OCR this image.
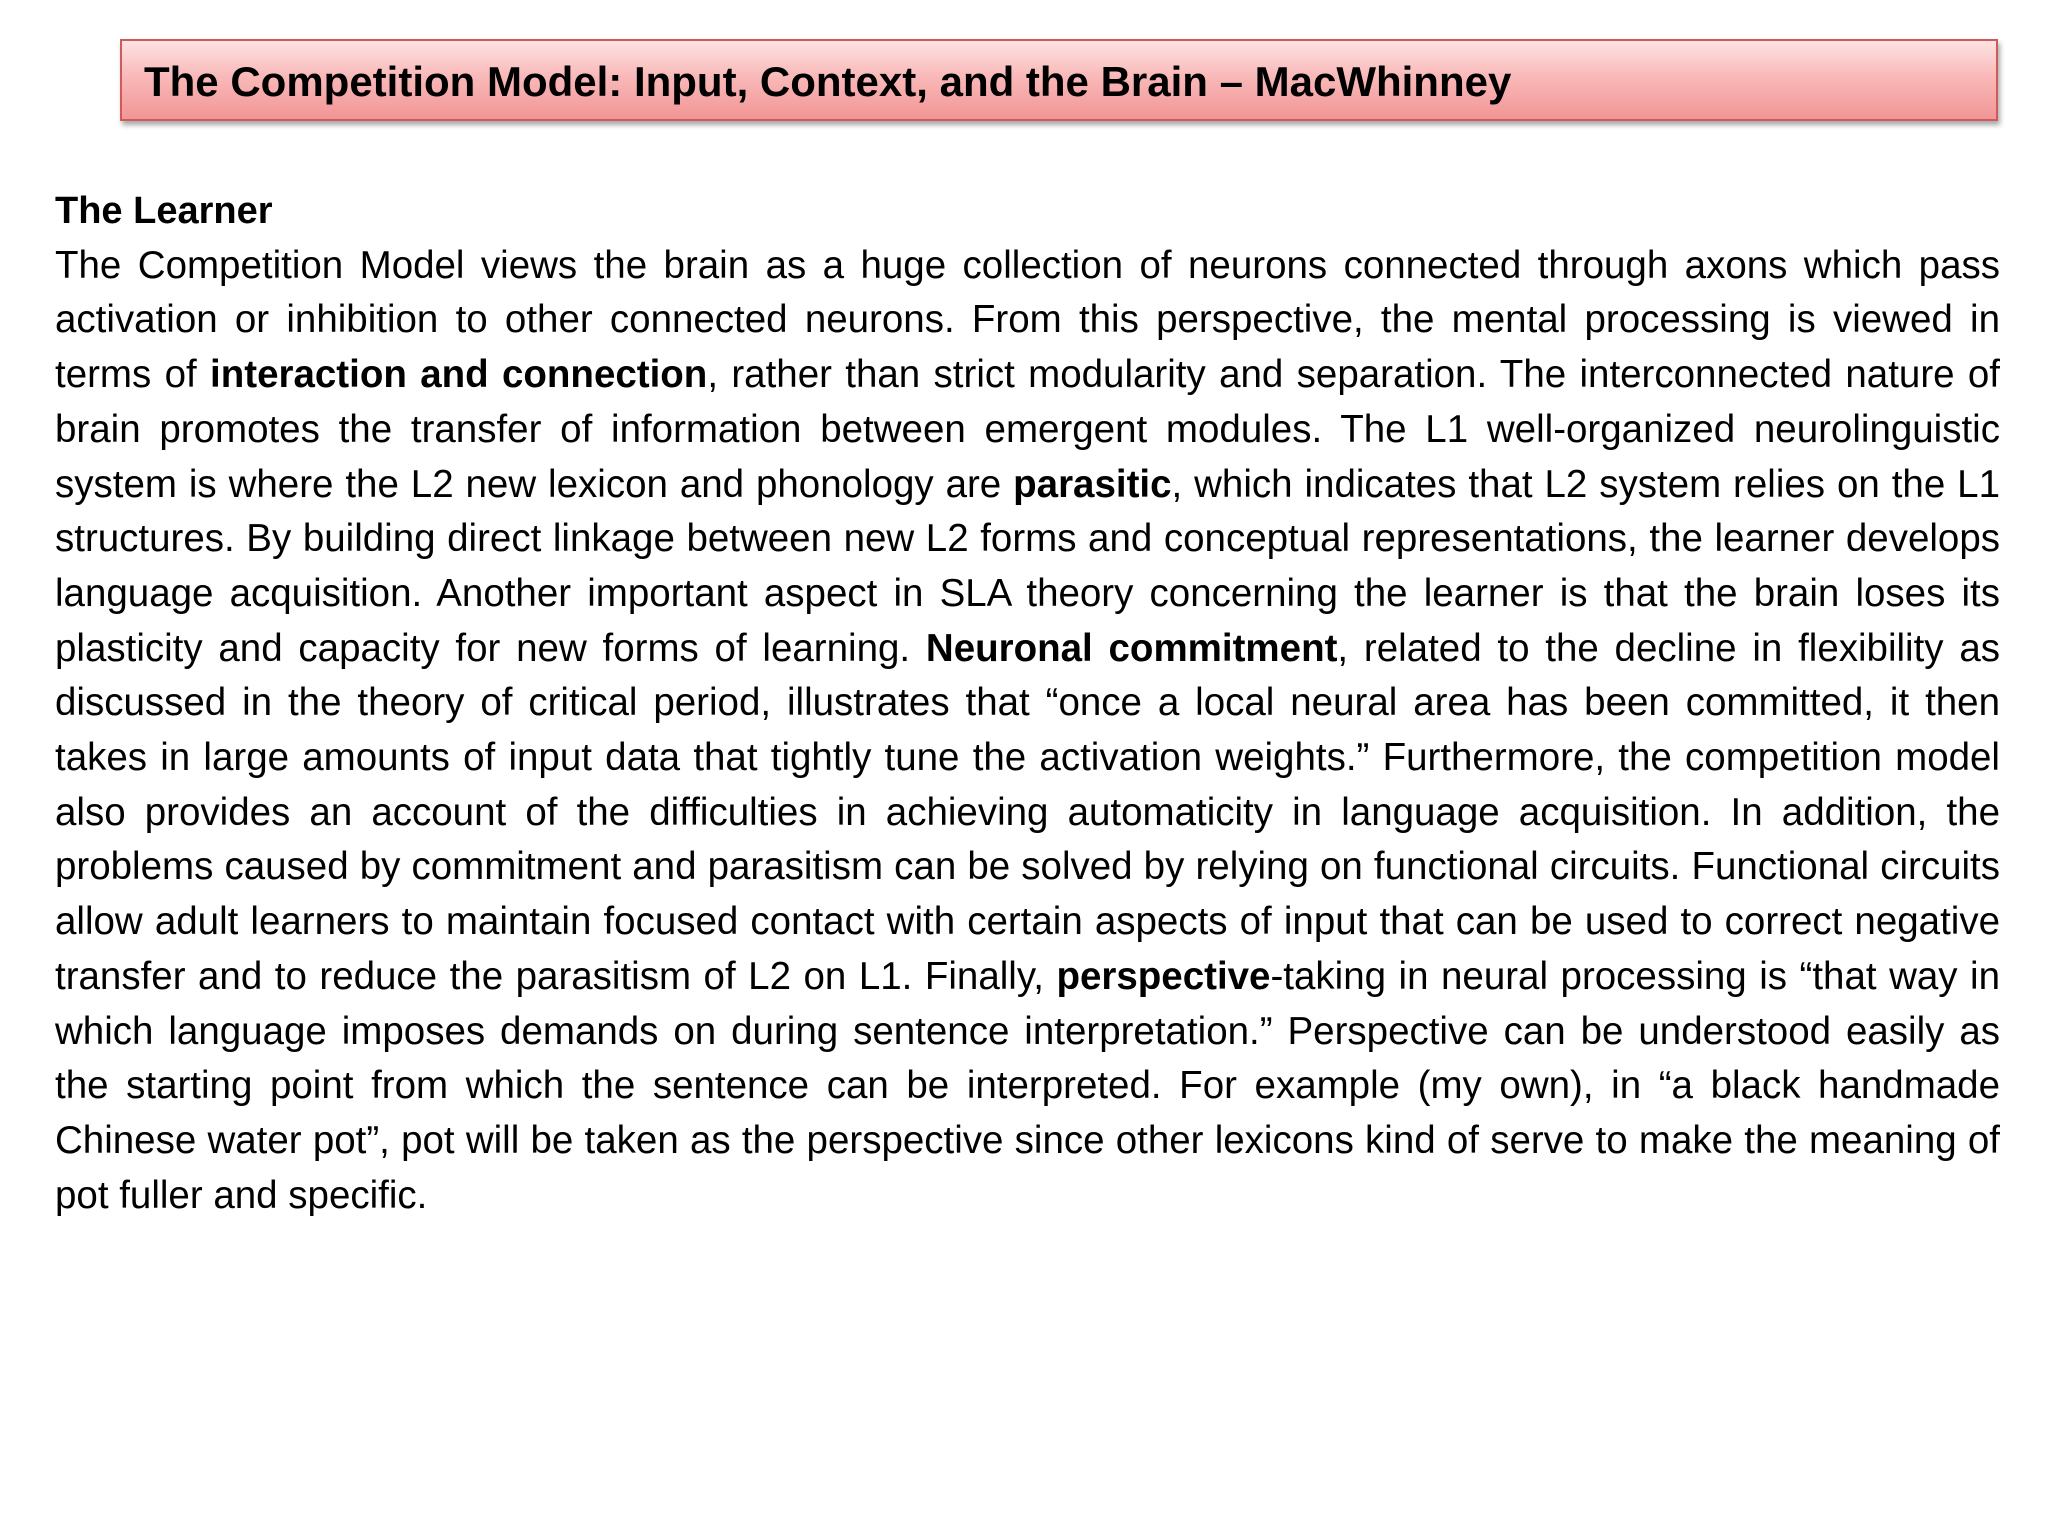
The Competition Model: Input, Context, and the Brain – MacWhinney

The Learner

The Competition Model views the brain as a huge collection of neurons connected through axons which pass activation or inhibition to other connected neurons. From this perspective, the mental processing is viewed in terms of interaction and connection, rather than strict modularity and separation. The interconnected nature of brain promotes the transfer of information between emergent modules. The L1 well-organized neurolinguistic system is where the L2 new lexicon and phonology are parasitic, which indicates that L2 system relies on the L1 structures. By building direct linkage between new L2 forms and conceptual representations, the learner develops language acquisition. Another important aspect in SLA theory concerning the learner is that the brain loses its plasticity and capacity for new forms of learning. Neuronal commitment, related to the decline in flexibility as discussed in the theory of critical period, illustrates that “once a local neural area has been committed, it then takes in large amounts of input data that tightly tune the activation weights.” Furthermore, the competition model also provides an account of the difficulties in achieving automaticity in language acquisition. In addition, the problems caused by commitment and parasitism can be solved by relying on functional circuits. Functional circuits allow adult learners to maintain focused contact with certain aspects of input that can be used to correct negative transfer and to reduce the parasitism of L2 on L1. Finally, perspective-taking in neural processing is “that way in which language imposes demands on during sentence interpretation.” Perspective can be understood easily as the starting point from which the sentence can be interpreted. For example (my own), in “a black handmade Chinese water pot”, pot will be taken as the perspective since other lexicons kind of serve to make the meaning of pot fuller and specific.
